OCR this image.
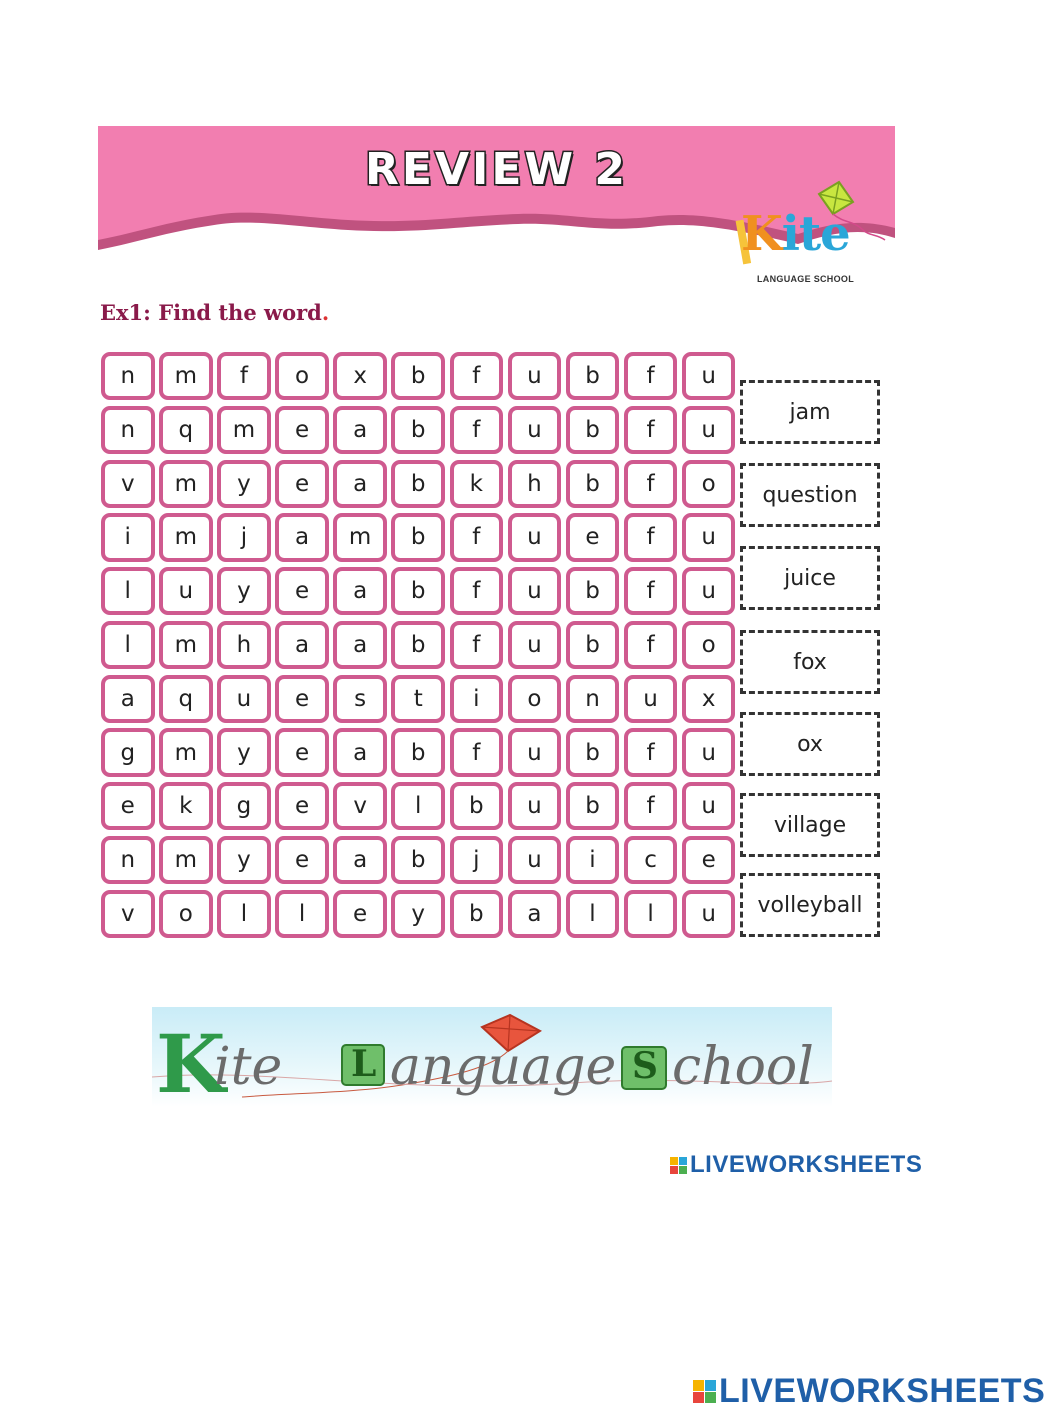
REVIEW 2
Kite
LANGUAGE SCHOOL
Ex1: Find the word.
n	m	f	o	x	b	f	u	b	f	u
n	q	m	e	a	b	f	u	b	f	u
v	m	y	e	a	b	k	h	b	f	o
i	m	j	a	m	b	f	u	e	f	u
l	u	y	e	a	b	f	u	b	f	u
l	m	h	a	a	b	f	u	b	f	o
a	q	u	e	s	t	i	o	n	u	x
g	m	y	e	a	b	f	u	b	f	u
e	k	g	e	v	l	b	u	b	f	u
n	m	y	e	a	b	j	u	i	c	e
v	o	l	l	e	y	b	a	l	l	u
jam
question
juice
fox
ox
village
volleyball
K
ite L anguage S chool
LIVEWORKSHEETS
LIVEWORKSHEETS
